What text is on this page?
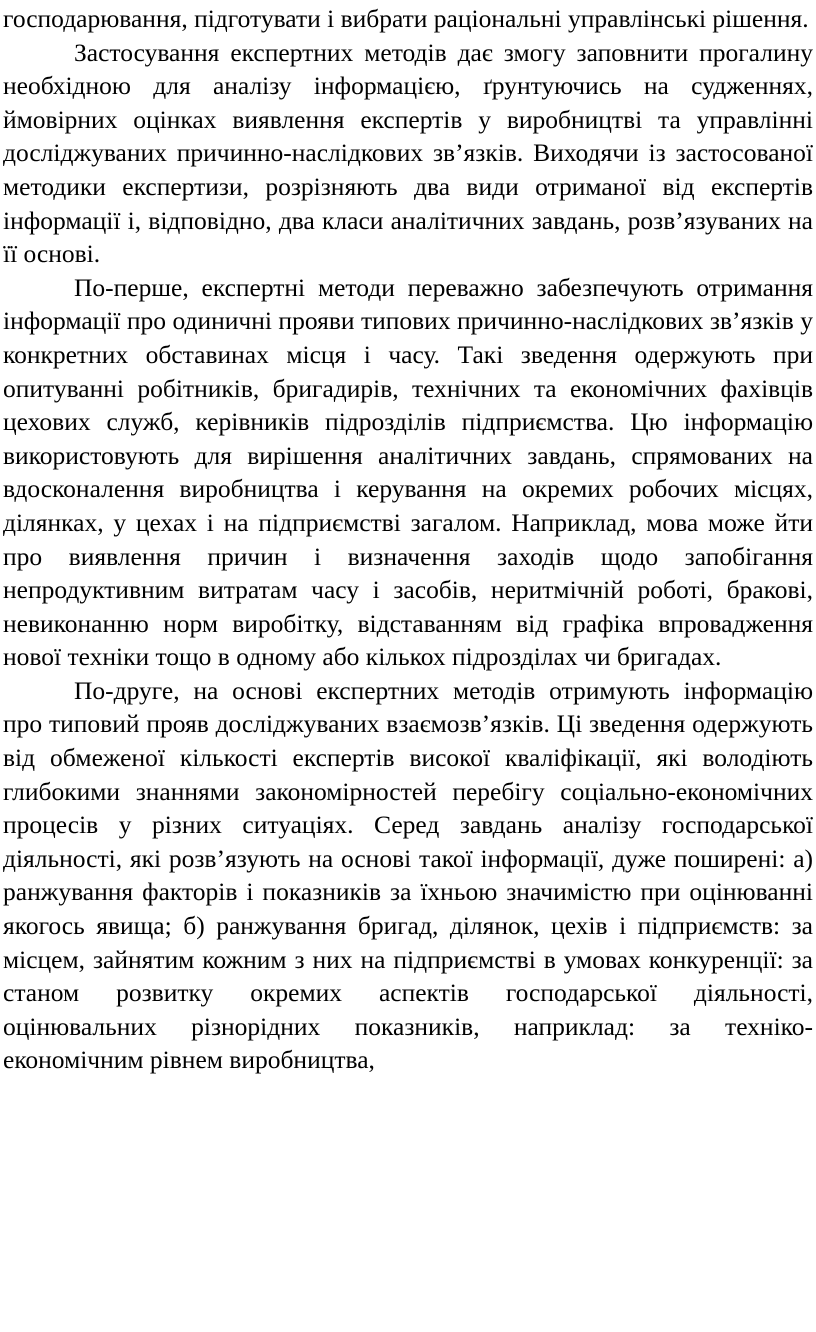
господарювання, підготувати і вибрати раціональні управлінські рішення.

Застосування експертних методів дає змогу заповнити прогалину необхідною для аналізу інформацією, ґрунтуючись на судженнях, ймовірних оцінках виявлення експертів у виробництві та управлінні досліджуваних причинно-наслідкових зв’язків. Виходячи із застосованої методики експертизи, розрізняють два види отриманої від експертів інформації і, відповідно, два класи аналітичних завдань, розв’язуваних на її основі.

По-перше, експертні методи переважно забезпечують отримання інформації про одиничні прояви типових причинно-наслідкових зв’язків у конкретних обставинах місця і часу. Такі зведення одержують при опитуванні робітників, бригадирів, технічних та економічних фахівців цехових служб, керівників підрозділів підприємства. Цю інформацію використовують для вирішення аналітичних завдань, спрямованих на вдосконалення виробництва і керування на окремих робочих місцях, ділянках, у цехах і на підприємстві загалом. Наприклад, мова може йти про виявлення причин і визначення заходів щодо запобігання непродуктивним витратам часу і засобів, неритмічній роботі, бракові, невиконанню норм виробітку, відставанням від графіка впровадження нової техніки тощо в одному або кількох підрозділах чи бригадах.

По-друге, на основі експертних методів отримують інформацію про типовий прояв досліджуваних взаємозв’язків. Ці зведення одержують від обмеженої кількості експертів високої кваліфікації, які володіють глибокими знаннями закономірностей перебігу соціально-економічних процесів у різних ситуаціях. Серед завдань аналізу господарської діяльності, які розв’язують на основі такої інформації, дуже поширені: а) ранжування факторів і показників за їхньою значимістю при оцінюванні якогось явища; б) ранжування бригад, ділянок, цехів і підприємств: за місцем, зайнятим кожним з них на підприємстві в умовах конкуренції: за станом розвитку окремих аспектів господарської діяльності, оцінювальних різнорідних показників, наприклад: за техніко-економічним рівнем виробництва,
